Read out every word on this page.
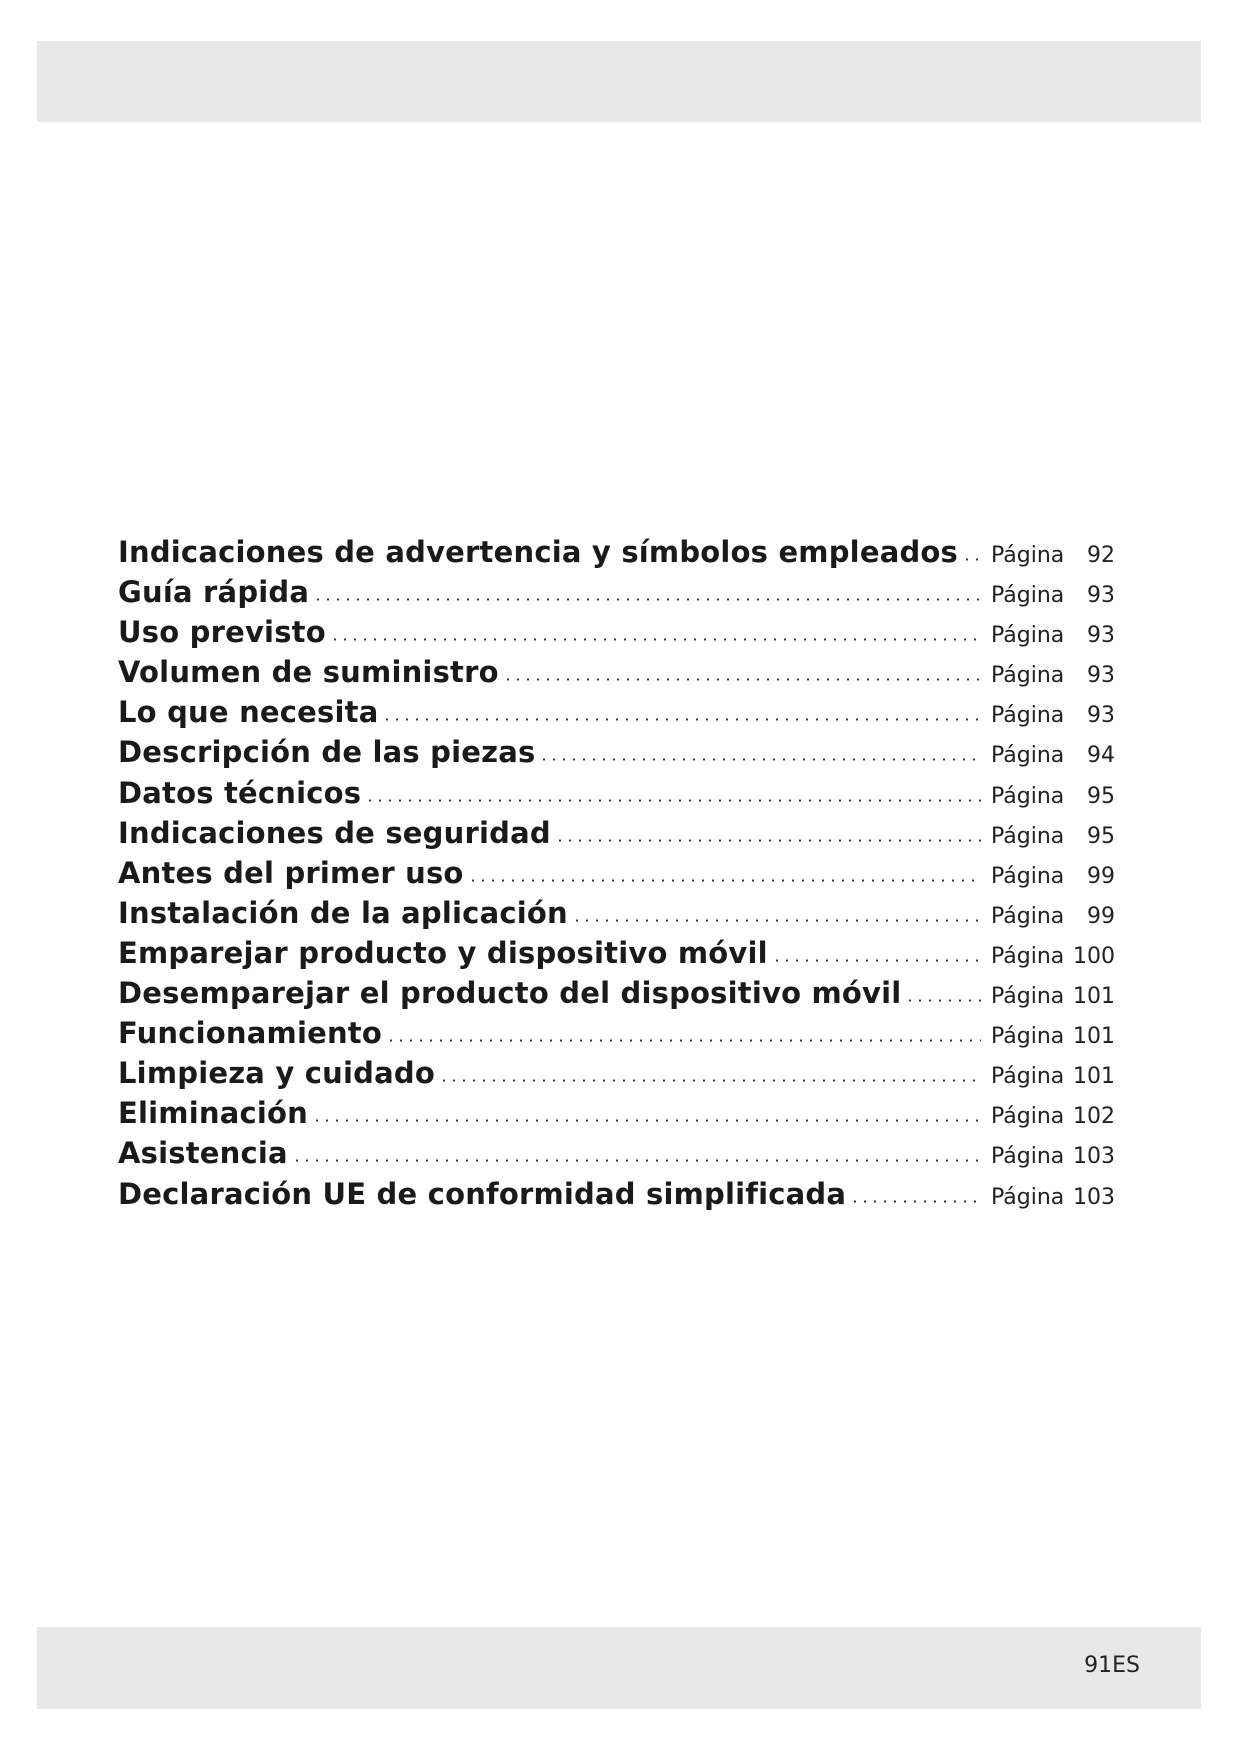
Indicaciones de advertencia y símbolos empleados Página	92
Guía rápida	Página	93
Uso previsto	Página	93
Volumen de suministro	Página	93
Lo que necesita	Página	93
Descripción de las piezas	Página	94
Datos técnicos	Página	95
Indicaciones de seguridad	Página	95
Antes del primer uso	Página	99
Instalación de la aplicación	Página	99
Emparejar producto y dispositivo móvil	Página 100
Desemparejar el producto del dispositivo móvil	Página 101
Funcionamiento	Página 101
Limpieza y cuidado	Página 101
Eliminación	Página 102
Asistencia	Página 103
Declaración UE de conformidad simplificada	Página 103
91ES
